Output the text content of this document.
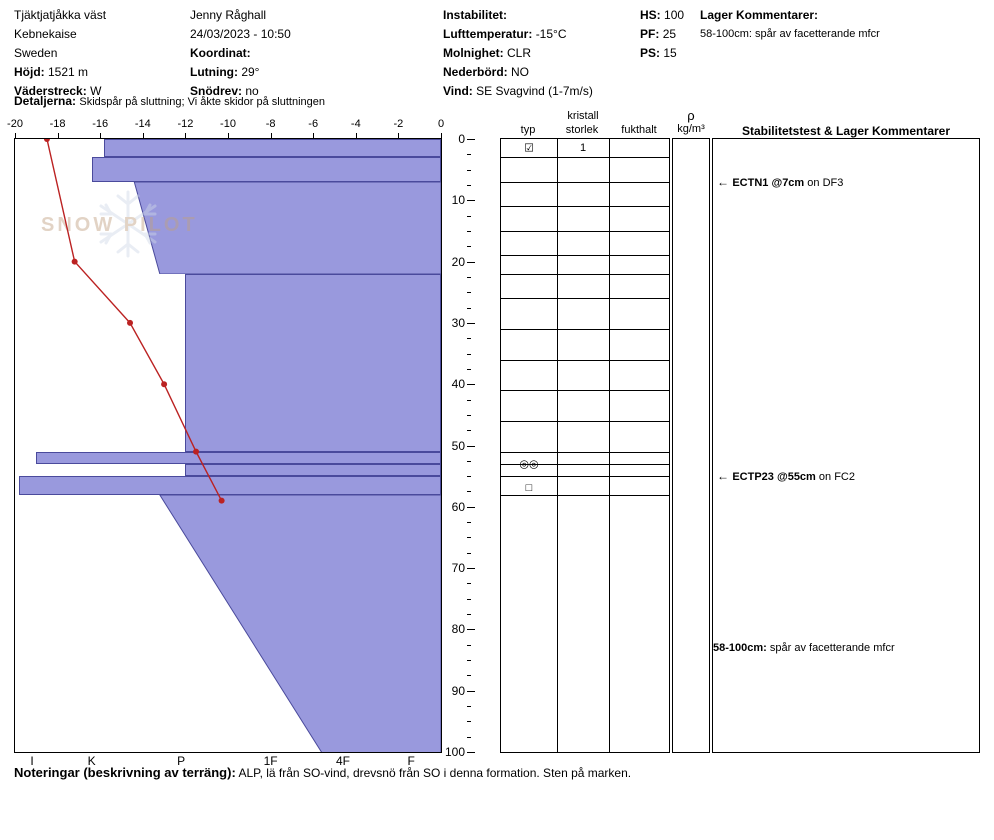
Tjäktjatjåkka väst
Kebnekaise
Sweden
Höjd: 1521 m
Väderstreck: W
Jenny Råghall
24/03/2023 - 10:50
Koordinat:
Lutning: 29°
Snödrev: no
Instabilitet:
Lufttemperatur: -15°C
Molnighet: CLR
Nederbörd: NO
Vind: SE Svagvind (1-7m/s)
HS: 100
PF: 25
PS: 15
Lager Kommentarer:
58-100cm: spår av facetterande mfcr
Detaljerna: Skidspår på sluttning; Vi åkte skidor på sluttningen
-20 -18 -16 -14 -12 -10	-8	-6	-4	-2	0
SNOW PILOT
I	K	P	1F	4F	F
0
10
20
30
40
50
60
70
80
90
100
typ
kristall
storlek	fukthalt
☑	1
◎◎
□
ρ
kg/m³	Stabilitetstest & Lager Kommentarer
← ECTN1 @7cm on DF3
← ECTP23 @55cm on FC2
58-100cm: spår av facetterande mfcr
Noteringar (beskrivning av terräng): ALP, lä från SO-vind, drevsnö från SO i denna formation. Sten på marken.
